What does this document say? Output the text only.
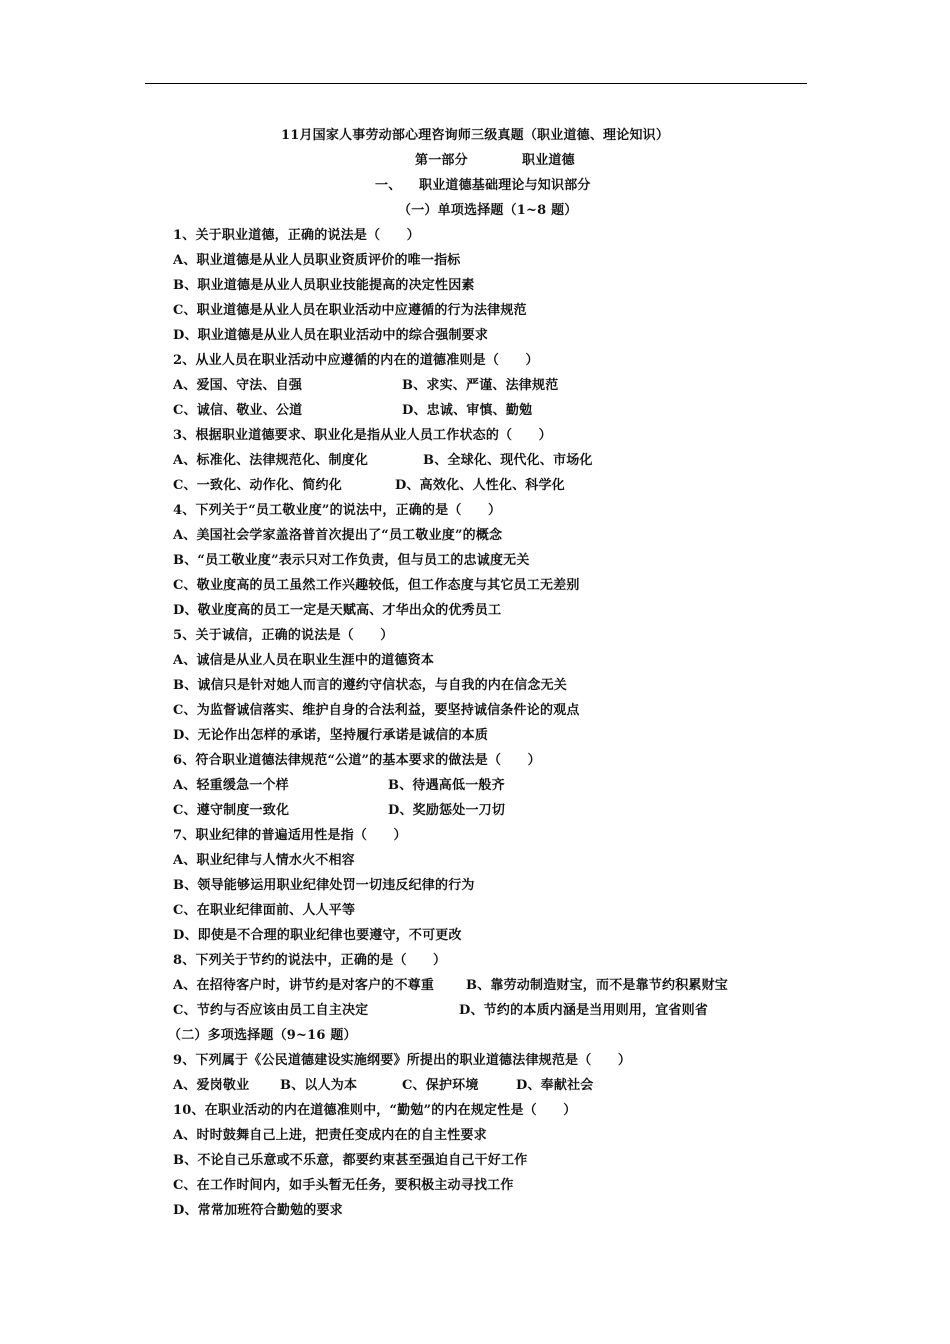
11月国家人事劳动部心理咨询师三级真题（职业道德、理论知识）
第一部分	职业道德
一、 职业道德基础理论与知识部分
（一）单项选择题（1~8 题）
1、关于职业道德，正确的说法是（　　）
A、职业道德是从业人员职业资质评价的唯一指标
B、职业道德是从业人员职业技能提高的决定性因素
C、职业道德是从业人员在职业活动中应遵循的行为法律规范
D、职业道德是从业人员在职业活动中的综合强制要求
2、从业人员在职业活动中应遵循的内在的道德准则是（　　）
A、爱国、守法、自强	B、求实、严谨、法律规范
C、诚信、敬业、公道	D、忠诚、审慎、勤勉
3、根据职业道德要求、职业化是指从业人员工作状态的（　　）
A、标准化、法律规范化、制度化	B、全球化、现代化、市场化
C、一致化、动作化、简约化	D、高效化、人性化、科学化
4、下列关于“员工敬业度”的说法中，正确的是（　　）
A、美国社会学家盖洛普首次提出了“员工敬业度”的概念
B、“员工敬业度”表示只对工作负责，但与员工的忠诚度无关
C、敬业度高的员工虽然工作兴趣较低，但工作态度与其它员工无差别
D、敬业度高的员工一定是天赋高、才华出众的优秀员工
5、关于诚信，正确的说法是（　　）
A、诚信是从业人员在职业生涯中的道德资本
B、诚信只是针对她人而言的遵约守信状态，与自我的内在信念无关
C、为监督诚信落实、维护自身的合法利益，要坚持诚信条件论的观点
D、无论作出怎样的承诺，坚持履行承诺是诚信的本质
6、符合职业道德法律规范“公道”的基本要求的做法是（　　）
A、轻重缓急一个样	B、待遇高低一般齐
C、遵守制度一致化	D、奖励惩处一刀切
7、职业纪律的普遍适用性是指（　　）
A、职业纪律与人情水火不相容
B、领导能够运用职业纪律处罚一切违反纪律的行为
C、在职业纪律面前、人人平等
D、即使是不合理的职业纪律也要遵守，不可更改
8、下列关于节约的说法中，正确的是（　　）
A、在招待客户时，讲节约是对客户的不尊重 B、靠劳动制造财宝，而不是靠节约积累财宝
C、节约与否应该由员工自主决定	D、节约的本质内涵是当用则用，宜省则省
（二）多项选择题（9~16 题）
9、下列属于《公民道德建设实施纲要》所提出的职业道德法律规范是（　　）
A、爱岗敬业 B、以人为本	C、保护环境	D、奉献社会
10、在职业活动的内在道德准则中，“勤勉”的内在规定性是（　　）
A、时时鼓舞自己上进，把责任变成内在的自主性要求
B、不论自己乐意或不乐意，都要约束甚至强迫自己干好工作
C、在工作时间内，如手头暂无任务，要积极主动寻找工作
D、常常加班符合勤勉的要求
